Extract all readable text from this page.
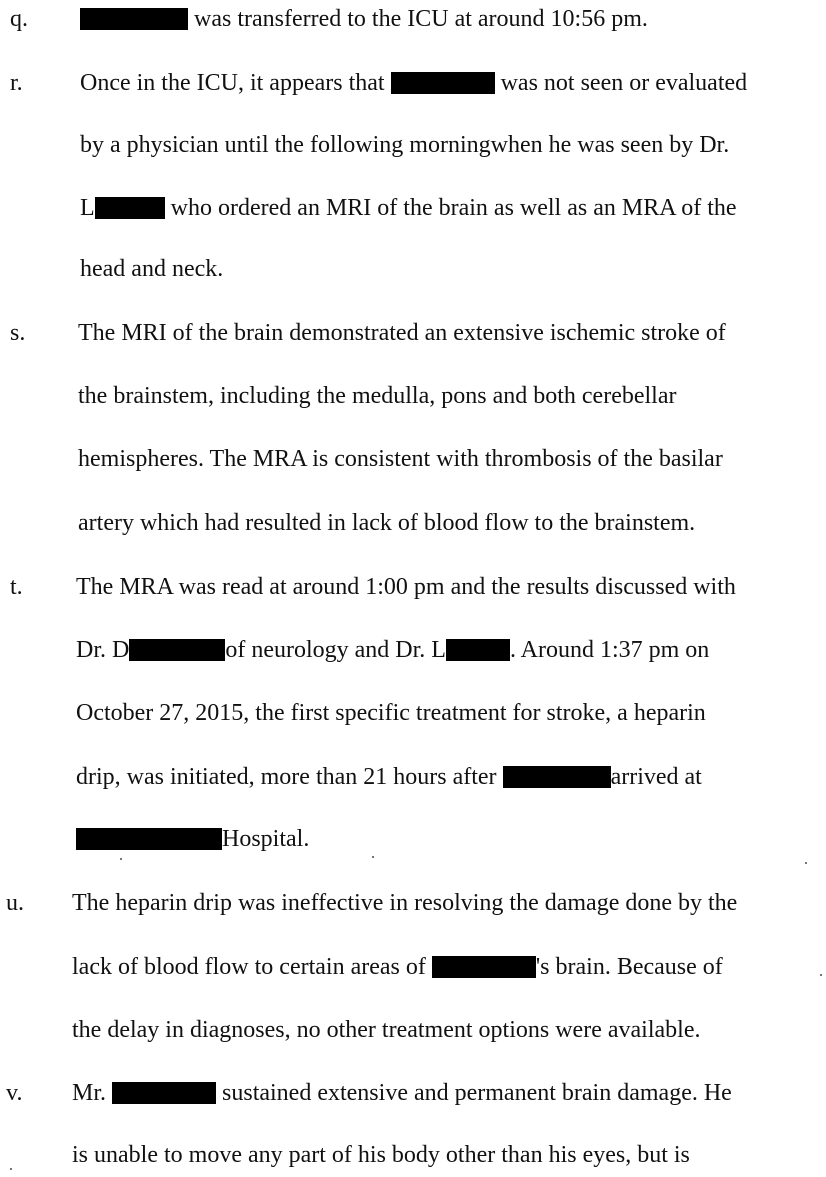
q.	was transferred to the ICU at around 10:56 pm.
r. Once in the ICU, it appears that	was not seen or evaluated
by a physician until the following morningwhen he was seen by Dr.
L	who ordered an MRI of the brain as well as an MRA of the
head and neck.
s. The MRI of the brain demonstrated an extensive ischemic stroke of
the brainstem, including the medulla, pons and both cerebellar
hemispheres. The MRA is consistent with thrombosis of the basilar
artery which had resulted in lack of blood flow to the brainstem.
t. The MRA was read at around 1:00 pm and the results discussed with
Dr. D	of neurology and Dr. L	. Around 1:37 pm on
October 27, 2015, the first specific treatment for stroke, a heparin
drip, was initiated, more than 21 hours after	arrived at
Hospital.
u. The heparin drip was ineffective in resolving the damage done by the
lack of blood flow to certain areas of	's brain. Because of
the delay in diagnoses, no other treatment options were available.
v. Mr.	sustained extensive and permanent brain damage. He
is unable to move any part of his body other than his eyes, but is
